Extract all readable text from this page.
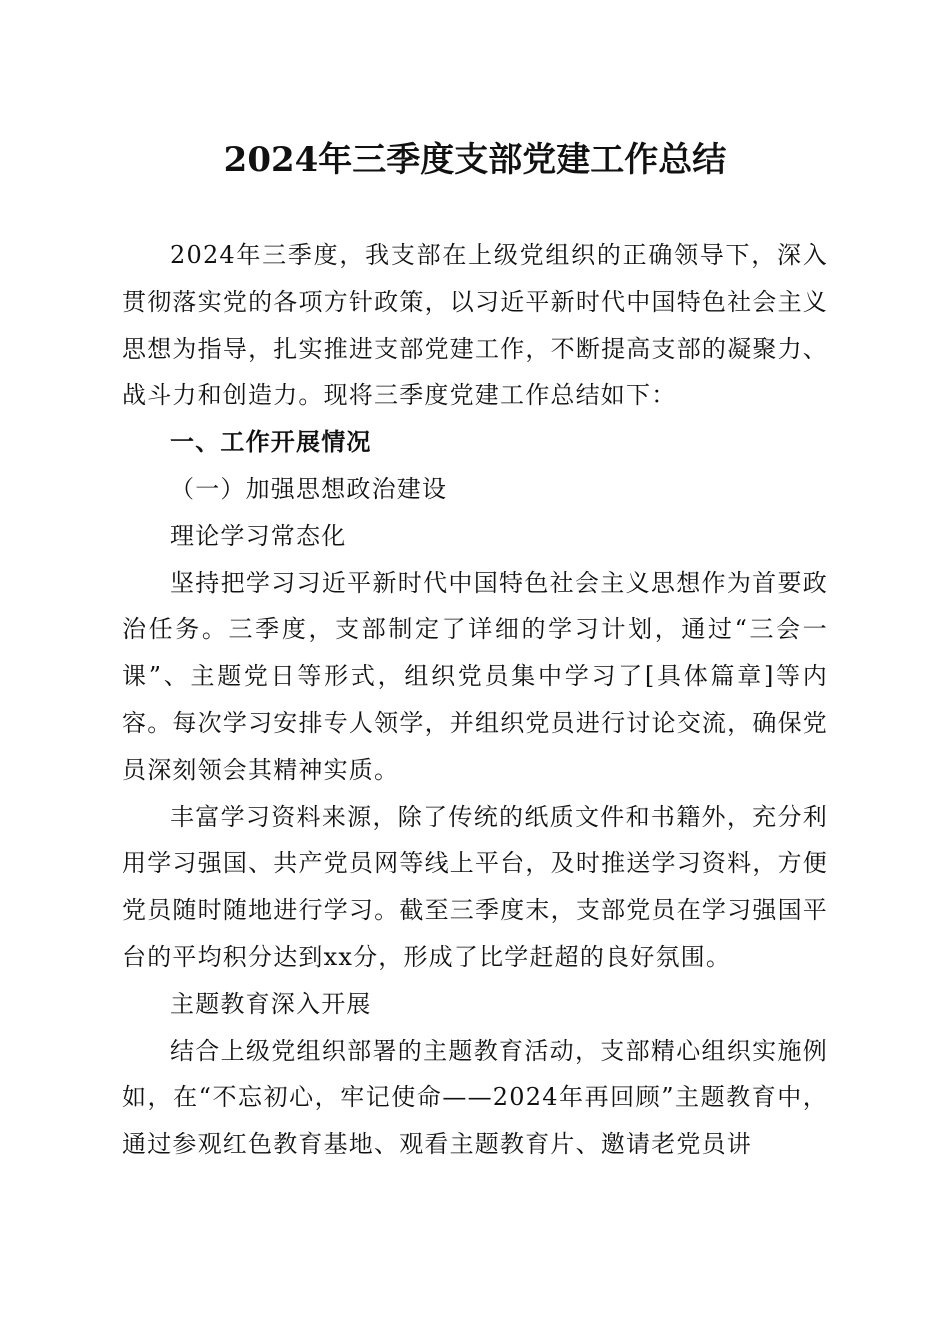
2024年三季度支部党建工作总结

2024年三季度，我支部在上级党组织的正确领导下，深入贯彻落实党的各项方针政策，以习近平新时代中国特色社会主义思想为指导，扎实推进支部党建工作，不断提高支部的凝聚力、战斗力和创造力。现将三季度党建工作总结如下：

一、工作开展情况

（一）加强思想政治建设

理论学习常态化

坚持把学习习近平新时代中国特色社会主义思想作为首要政治任务。三季度，支部制定了详细的学习计划，通过“三会一课”、主题党日等形式，组织党员集中学习了[具体篇章]等内容。每次学习安排专人领学，并组织党员进行讨论交流，确保党员深刻领会其精神实质。

丰富学习资料来源，除了传统的纸质文件和书籍外，充分利用学习强国、共产党员网等线上平台，及时推送学习资料，方便党员随时随地进行学习。截至三季度末，支部党员在学习强国平台的平均积分达到xx分，形成了比学赶超的良好氛围。

主题教育深入开展

结合上级党组织部署的主题教育活动，支部精心组织实施例如，在“不忘初心，牢记使命——2024年再回顾”主题教育中，通过参观红色教育基地、观看主题教育片、邀请老党员讲
